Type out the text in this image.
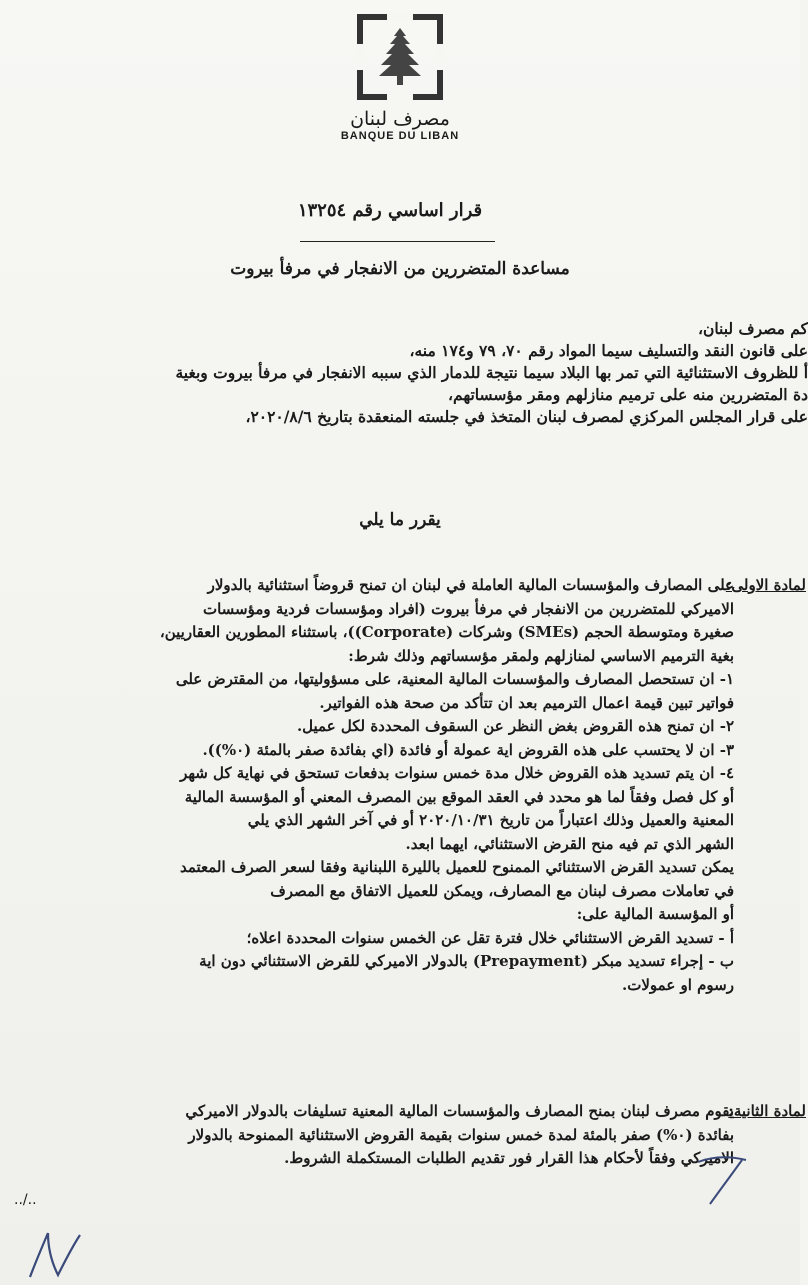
مصرف لبنان
BANQUE DU LIBAN
قرار اساسي رقم ١٣٢٥٤
مساعدة المتضررين من الانفجار في مرفأ بيروت
كم مصرف لبنان،
على قانون النقد والتسليف سيما المواد رقم ٧٠، ٧٩ و١٧٤ منه،
أ للظروف الاستثنائية التي تمر بها البلاد سيما نتيجة للدمار الذي سببه الانفجار في مرفأ بيروت وبغية
دة المتضررين منه على ترميم منازلهم ومقر مؤسساتهم،
على قرار المجلس المركزي لمصرف لبنان المتخذ في جلسته المنعقدة بتاريخ ٢٠٢٠/٨/٦،
يقرر ما يلي
لمادة الاولى:
على المصارف والمؤسسات المالية العاملة في لبنان ان تمنح قروضاً استثنائية بالدولار
الاميركي للمتضررين من الانفجار في مرفأ بيروت (افراد ومؤسسات فردية ومؤسسات
صغيرة ومتوسطة الحجم (SMEs) وشركات (Corporate))، باستثناء المطورين العقاريين،
بغية الترميم الاساسي لمنازلهم ولمقر مؤسساتهم وذلك شرط:
١- ان تستحصل المصارف والمؤسسات المالية المعنية، على مسؤوليتها، من المقترض على
فواتير تبين قيمة اعمال الترميم بعد ان تتأكد من صحة هذه الفواتير.
٢- ان تمنح هذه القروض بغض النظر عن السقوف المحددة لكل عميل.
٣- ان لا يحتسب على هذه القروض اية عمولة أو فائدة (اي بفائدة صفر بالمئة (٠%)).
٤- ان يتم تسديد هذه القروض خلال مدة خمس سنوات بدفعات تستحق في نهاية كل شهر
أو كل فصل وفقاً لما هو محدد في العقد الموقع بين المصرف المعني أو المؤسسة المالية
المعنية والعميل وذلك اعتباراً من تاريخ ٢٠٢٠/١٠/٣١ أو في آخر الشهر الذي يلي
الشهر الذي تم فيه منح القرض الاستثنائي، ايهما ابعد.
يمكن تسديد القرض الاستثنائي الممنوح للعميل بالليرة اللبنانية وفقا لسعر الصرف المعتمد
في تعاملات مصرف لبنان مع المصارف، ويمكن للعميل الاتفاق مع المصرف
أو المؤسسة المالية على:
أ - تسديد القرض الاستثنائي خلال فترة تقل عن الخمس سنوات المحددة اعلاه؛
ب - إجراء تسديد مبكر (Prepayment) بالدولار الاميركي للقرض الاستثنائي دون اية
رسوم او عمولات.
لمادة الثانية:
يقوم مصرف لبنان بمنح المصارف والمؤسسات المالية المعنية تسليفات بالدولار الاميركي
بفائدة (٠%) صفر بالمئة لمدة خمس سنوات بقيمة القروض الاستثنائية الممنوحة بالدولار
الاميركي وفقاً لأحكام هذا القرار فور تقديم الطلبات المستكملة الشروط.
../..
